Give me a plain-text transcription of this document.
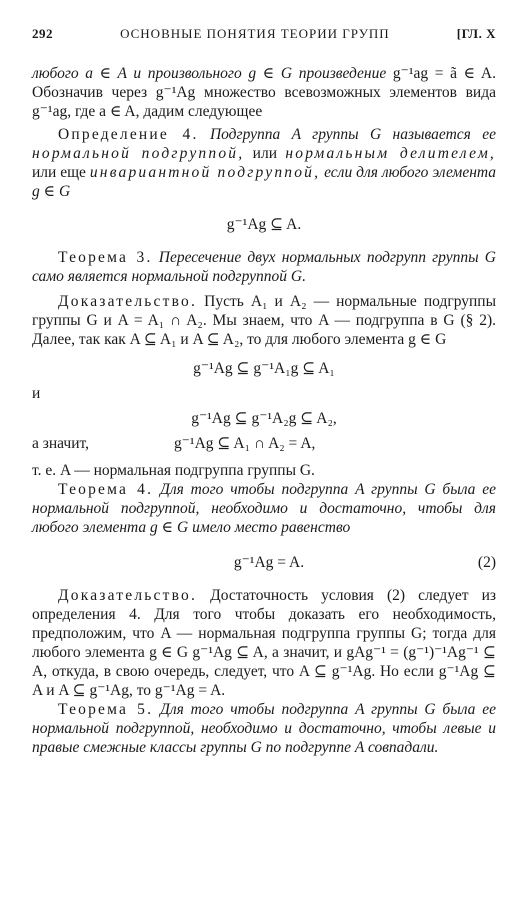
292	ОСНОВНЫЕ ПОНЯТИЯ ТЕОРИИ ГРУПП	[ГЛ. X

любого a ∈ A и произвольного g ∈ G произведение g⁻¹ag = ã ∈ A. Обозначив через g⁻¹Ag множество всевозможных элементов вида g⁻¹ag, где a ∈ A, дадим следующее

Определение 4. Подгруппа A группы G называется ее нормальной подгруппой, или нормальным делителем, или еще инвариантной подгруппой, если для любого элемента g ∈ G

g⁻¹Ag ⊆ A.

Теорема 3. Пересечение двух нормальных подгрупп группы G само является нормальной подгруппой G.

Доказательство. Пусть A₁ и A₂ — нормальные подгруппы группы G и A = A₁ ∩ A₂. Мы знаем, что A — подгруппа в G (§ 2). Далее, так как A ⊆ A₁ и A ⊆ A₂, то для любого элемента g ∈ G

g⁻¹Ag ⊆ g⁻¹A₁g ⊆ A₁
и
g⁻¹Ag ⊆ g⁻¹A₂g ⊆ A₂,
а значит,	g⁻¹Ag ⊆ A₁ ∩ A₂ = A,

т. е. A — нормальная подгруппа группы G.

Теорема 4. Для того чтобы подгруппа A группы G была ее нормальной подгруппой, необходимо и достаточно, чтобы для любого элемента g ∈ G имело место равенство

g⁻¹Ag = A.	(2)

Доказательство. Достаточность условия (2) следует из определения 4. Для того чтобы доказать его необходимость, предположим, что A — нормальная подгруппа группы G; тогда для любого элемента g ∈ G g⁻¹Ag ⊆ A, а значит, и gAg⁻¹ = (g⁻¹)⁻¹Ag⁻¹ ⊆ A, откуда, в свою очередь, следует, что A ⊆ g⁻¹Ag. Но если g⁻¹Ag ⊆ A и A ⊆ g⁻¹Ag, то g⁻¹Ag = A.

Теорема 5. Для того чтобы подгруппа A группы G была ее нормальной подгруппой, необходимо и достаточно, чтобы левые и правые смежные классы группы G по подгруппе A совпадали.
